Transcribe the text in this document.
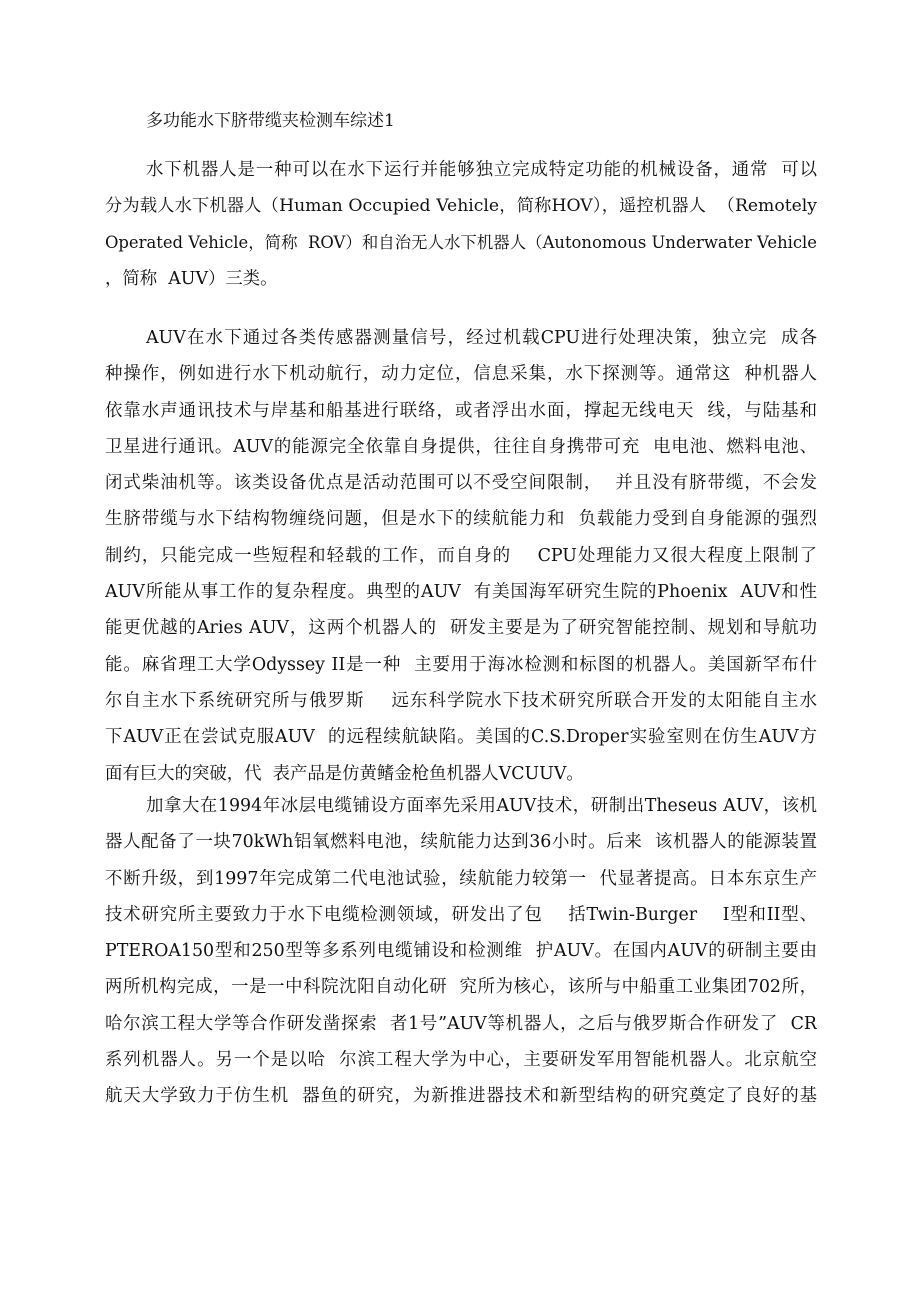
多功能水下脐带缆夹检测车综述1
水下机器人是一种可以在水下运行并能够独立完成特定功能的机械设备，通常  可以
分为载人水下机器人（Human Occupied Vehicle，简称HOV），遥控机器人  （Remotely
Operated Vehicle，简称  ROV）和自治无人水下机器人（Autonomous Underwater Vehicle
，简称  AUV）三类。
AUV在水下通过各类传感器测量信号，经过机载CPU进行处理决策，独立完  成各
种操作，例如进行水下机动航行，动力定位，信息采集，水下探测等。通常这  种机器人
依靠水声通讯技术与岸基和船基进行联络，或者浮出水面，撑起无线电天  线，与陆基和
卫星进行通讯。AUV的能源完全依靠自身提供，往往自身携带可充  电电池、燃料电池、
闭式柴油机等。该类设备优点是活动范围可以不受空间限制，  并且没有脐带缆，不会发
生脐带缆与水下结构物缠绕问题，但是水下的续航能力和  负载能力受到自身能源的强烈
制约，只能完成一些短程和轻载的工作，而自身的    CPU处理能力又很大程度上限制了
AUV所能从事工作的复杂程度。典型的AUV  有美国海军研究生院的Phoenix  AUV和性
能更优越的Aries AUV，这两个机器人的  研发主要是为了研究智能控制、规划和导航功
能。麻省理工大学Odyssey II是一种  主要用于海冰检测和标图的机器人。美国新罕布什
尔自主水下系统研究所与俄罗斯    远东科学院水下技术研究所联合开发的太阳能自主水
下AUV正在尝试克服AUV  的远程续航缺陷。美国的C.S.Droper实验室则在仿生AUV方
面有巨大的突破，代  表产品是仿黄鳍金枪鱼机器人VCUUV。
加拿大在1994年冰层电缆铺设方面率先采用AUV技术，研制出Theseus AUV，该机
器人配备了一块70kWh铝氧燃料电池，续航能力达到36小时。后来  该机器人的能源装置
不断升级，到1997年完成第二代电池试验，续航能力较第一  代显著提高。日本东京生产
技术研究所主要致力于水下电缆检测领域，研发出了包    括Twin-Burger    I型和II型、
PTEROA150型和250型等多系列电缆铺设和检测维  护AUV。在国内AUV的研制主要由
两所机构完成，一是一中科院沈阳自动化研  究所为核心，该所与中船重工业集团702所，
哈尔滨工程大学等合作研发凿探索  者1号”AUV等机器人，之后与俄罗斯合作研发了  CR
系列机器人。另一个是以哈  尔滨工程大学为中心，主要研发军用智能机器人。北京航空
航天大学致力于仿生机  器鱼的研究，为新推进器技术和新型结构的研究奠定了良好的基
